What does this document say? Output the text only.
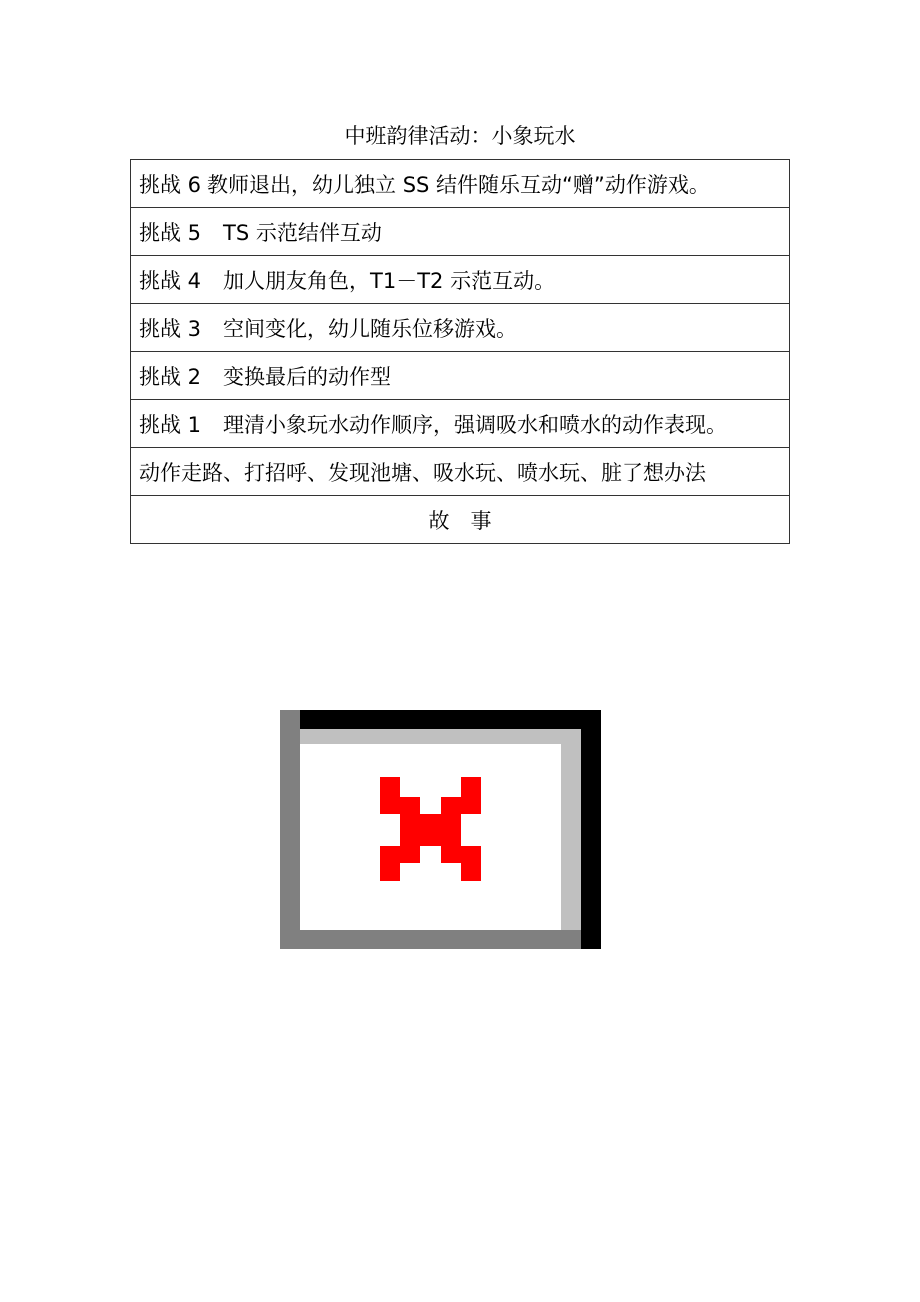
中班韵律活动：小象玩水
挑战 6 教师退出，幼儿独立 SS 结件随乐互动“赠”动作游戏。
挑战 5 TS 示范结伴互动
挑战 4 加人朋友角色，T1－T2 示范互动。
挑战 3 空间变化，幼儿随乐位移游戏。
挑战 2 变换最后的动作型
挑战 1 理清小象玩水动作顺序，强调吸水和喷水的动作表现。
动作走路、打招呼、发现池塘、吸水玩、喷水玩、脏了想办法
故　事
